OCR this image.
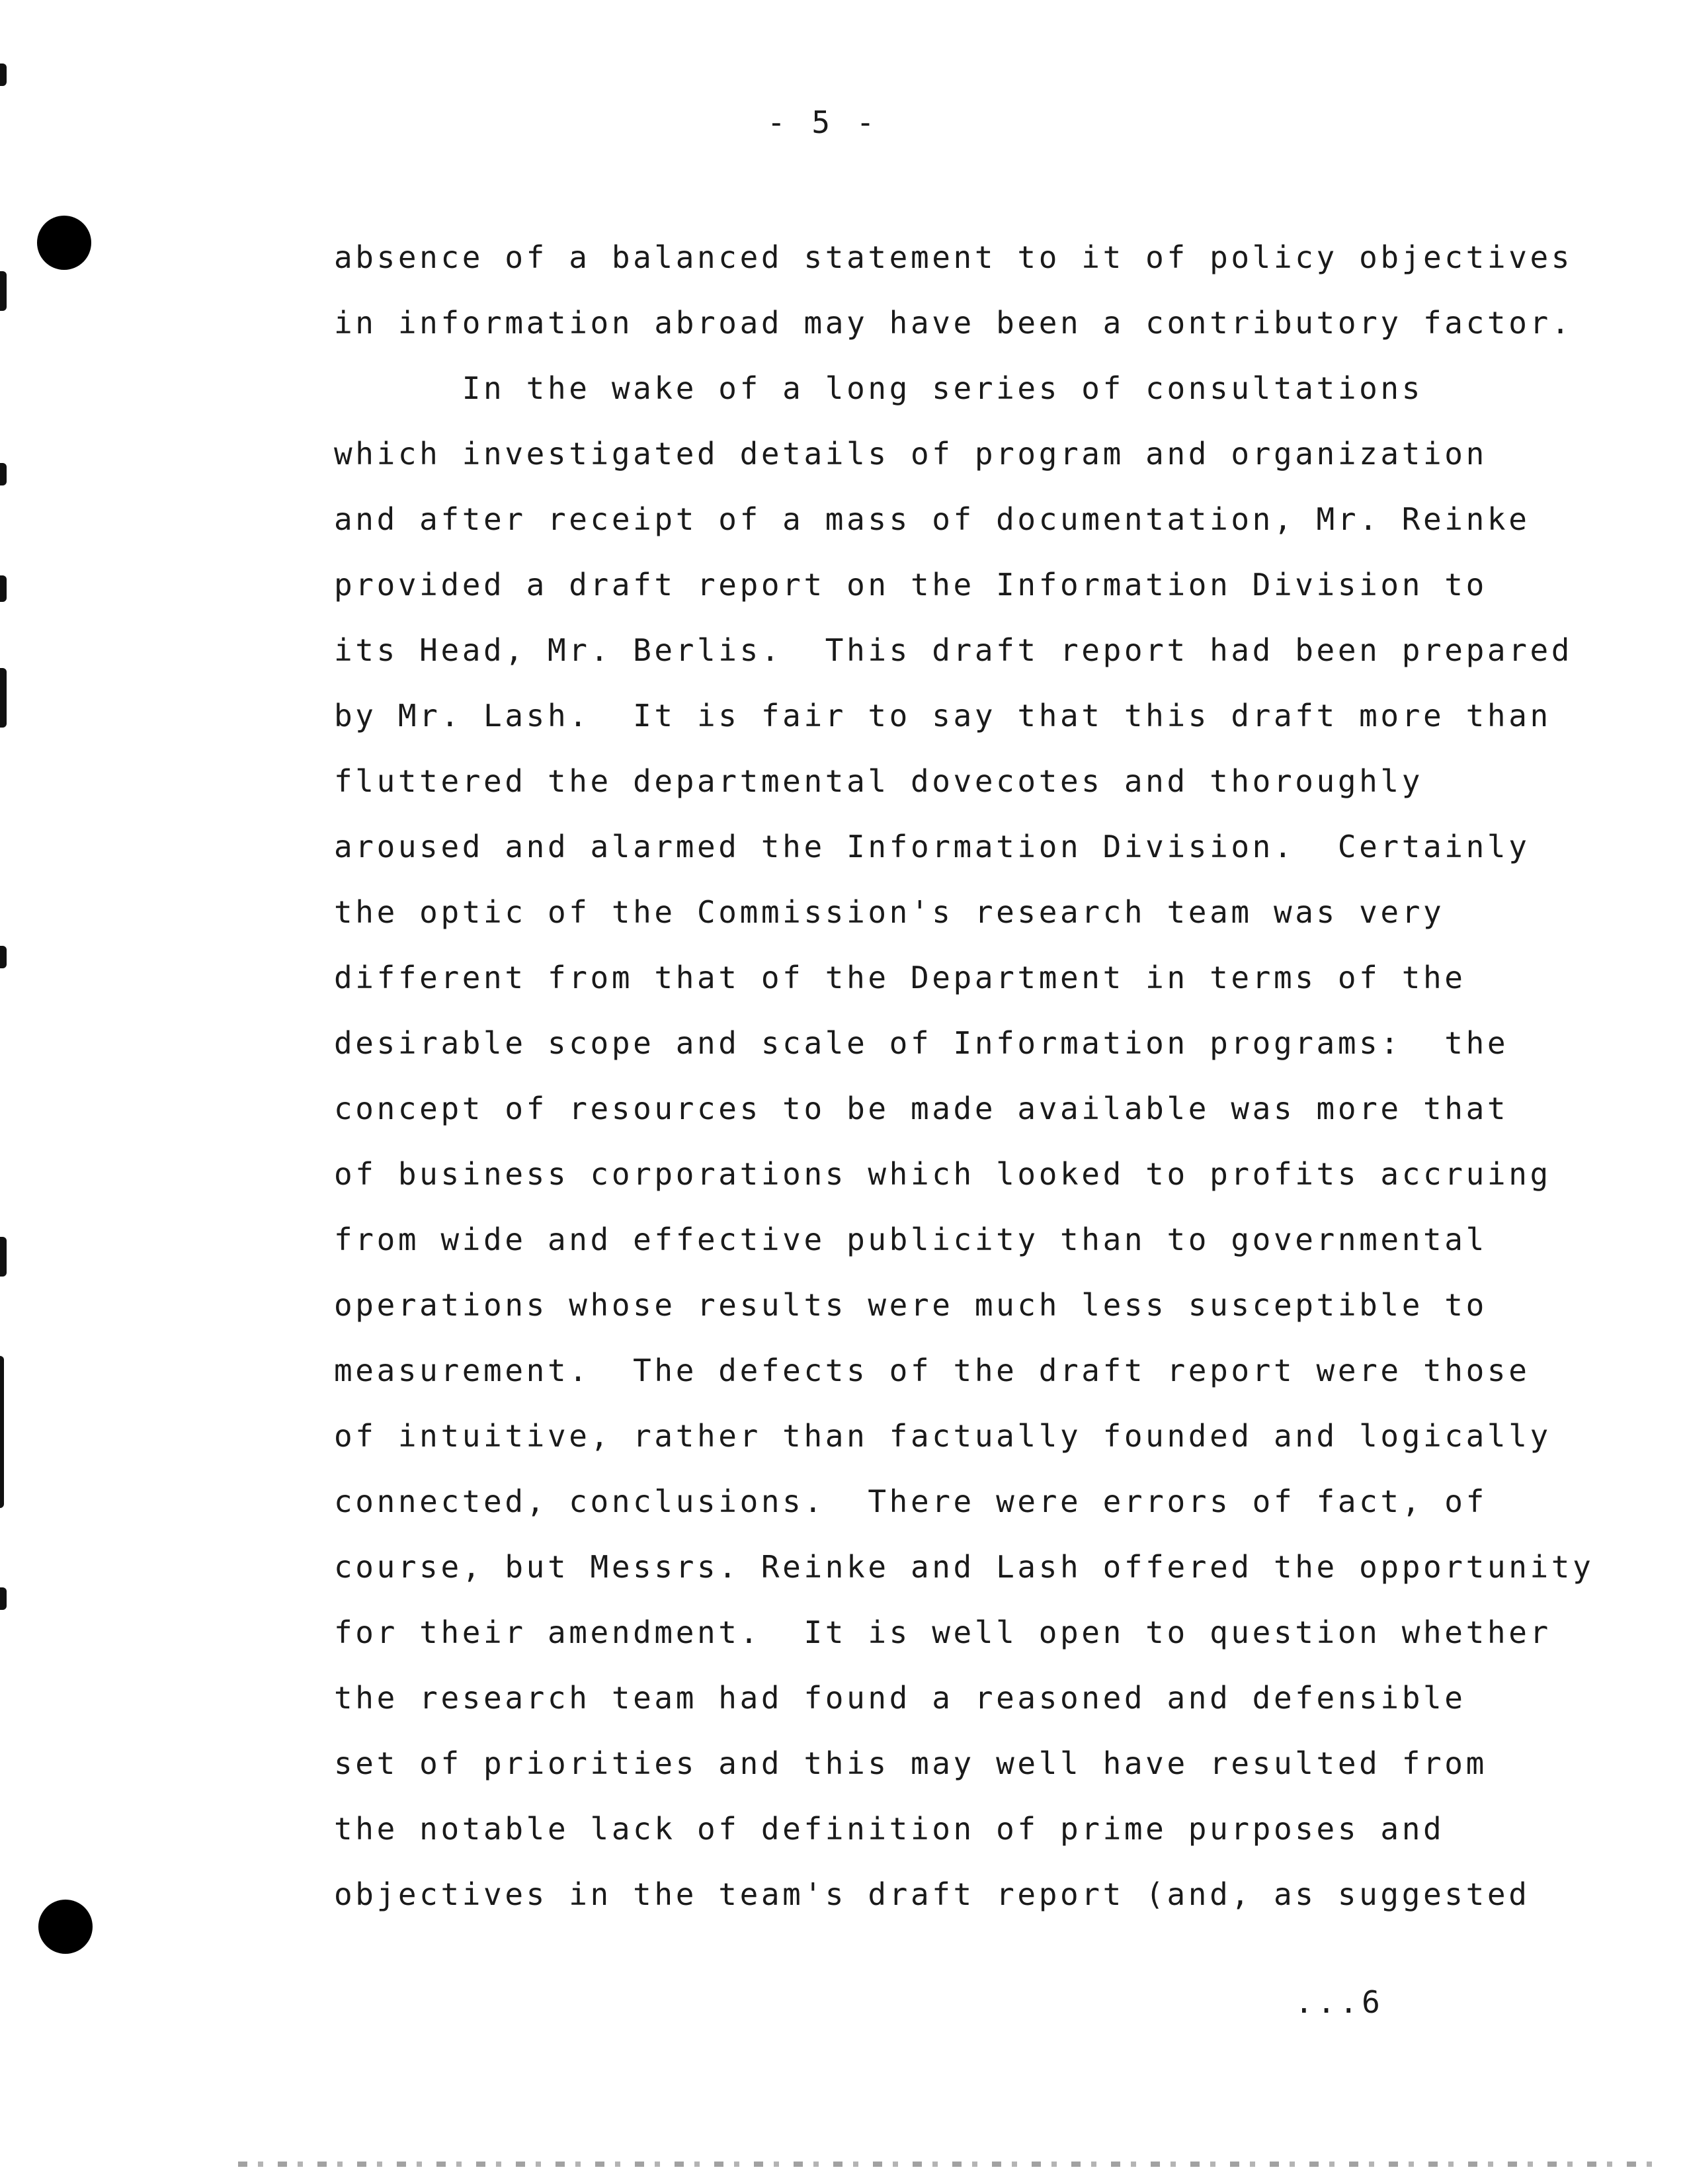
- 5 -
absence of a balanced statement to it of policy objectives
in information abroad may have been a contributory factor.
In the wake of a long series of consultations
which investigated details of program and organization
and after receipt of a mass of documentation, Mr. Reinke
provided a draft report on the Information Division to
its Head, Mr. Berlis.  This draft report had been prepared
by Mr. Lash.  It is fair to say that this draft more than
fluttered the departmental dovecotes and thoroughly
aroused and alarmed the Information Division.  Certainly
the optic of the Commission's research team was very
different from that of the Department in terms of the
desirable scope and scale of Information programs:  the
concept of resources to be made available was more that
of business corporations which looked to profits accruing
from wide and effective publicity than to governmental
operations whose results were much less susceptible to
measurement.  The defects of the draft report were those
of intuitive, rather than factually founded and logically
connected, conclusions.  There were errors of fact, of
course, but Messrs. Reinke and Lash offered the opportunity
for their amendment.  It is well open to question whether
the research team had found a reasoned and defensible
set of priorities and this may well have resulted from
the notable lack of definition of prime purposes and
objectives in the team's draft report (and, as suggested
...6
